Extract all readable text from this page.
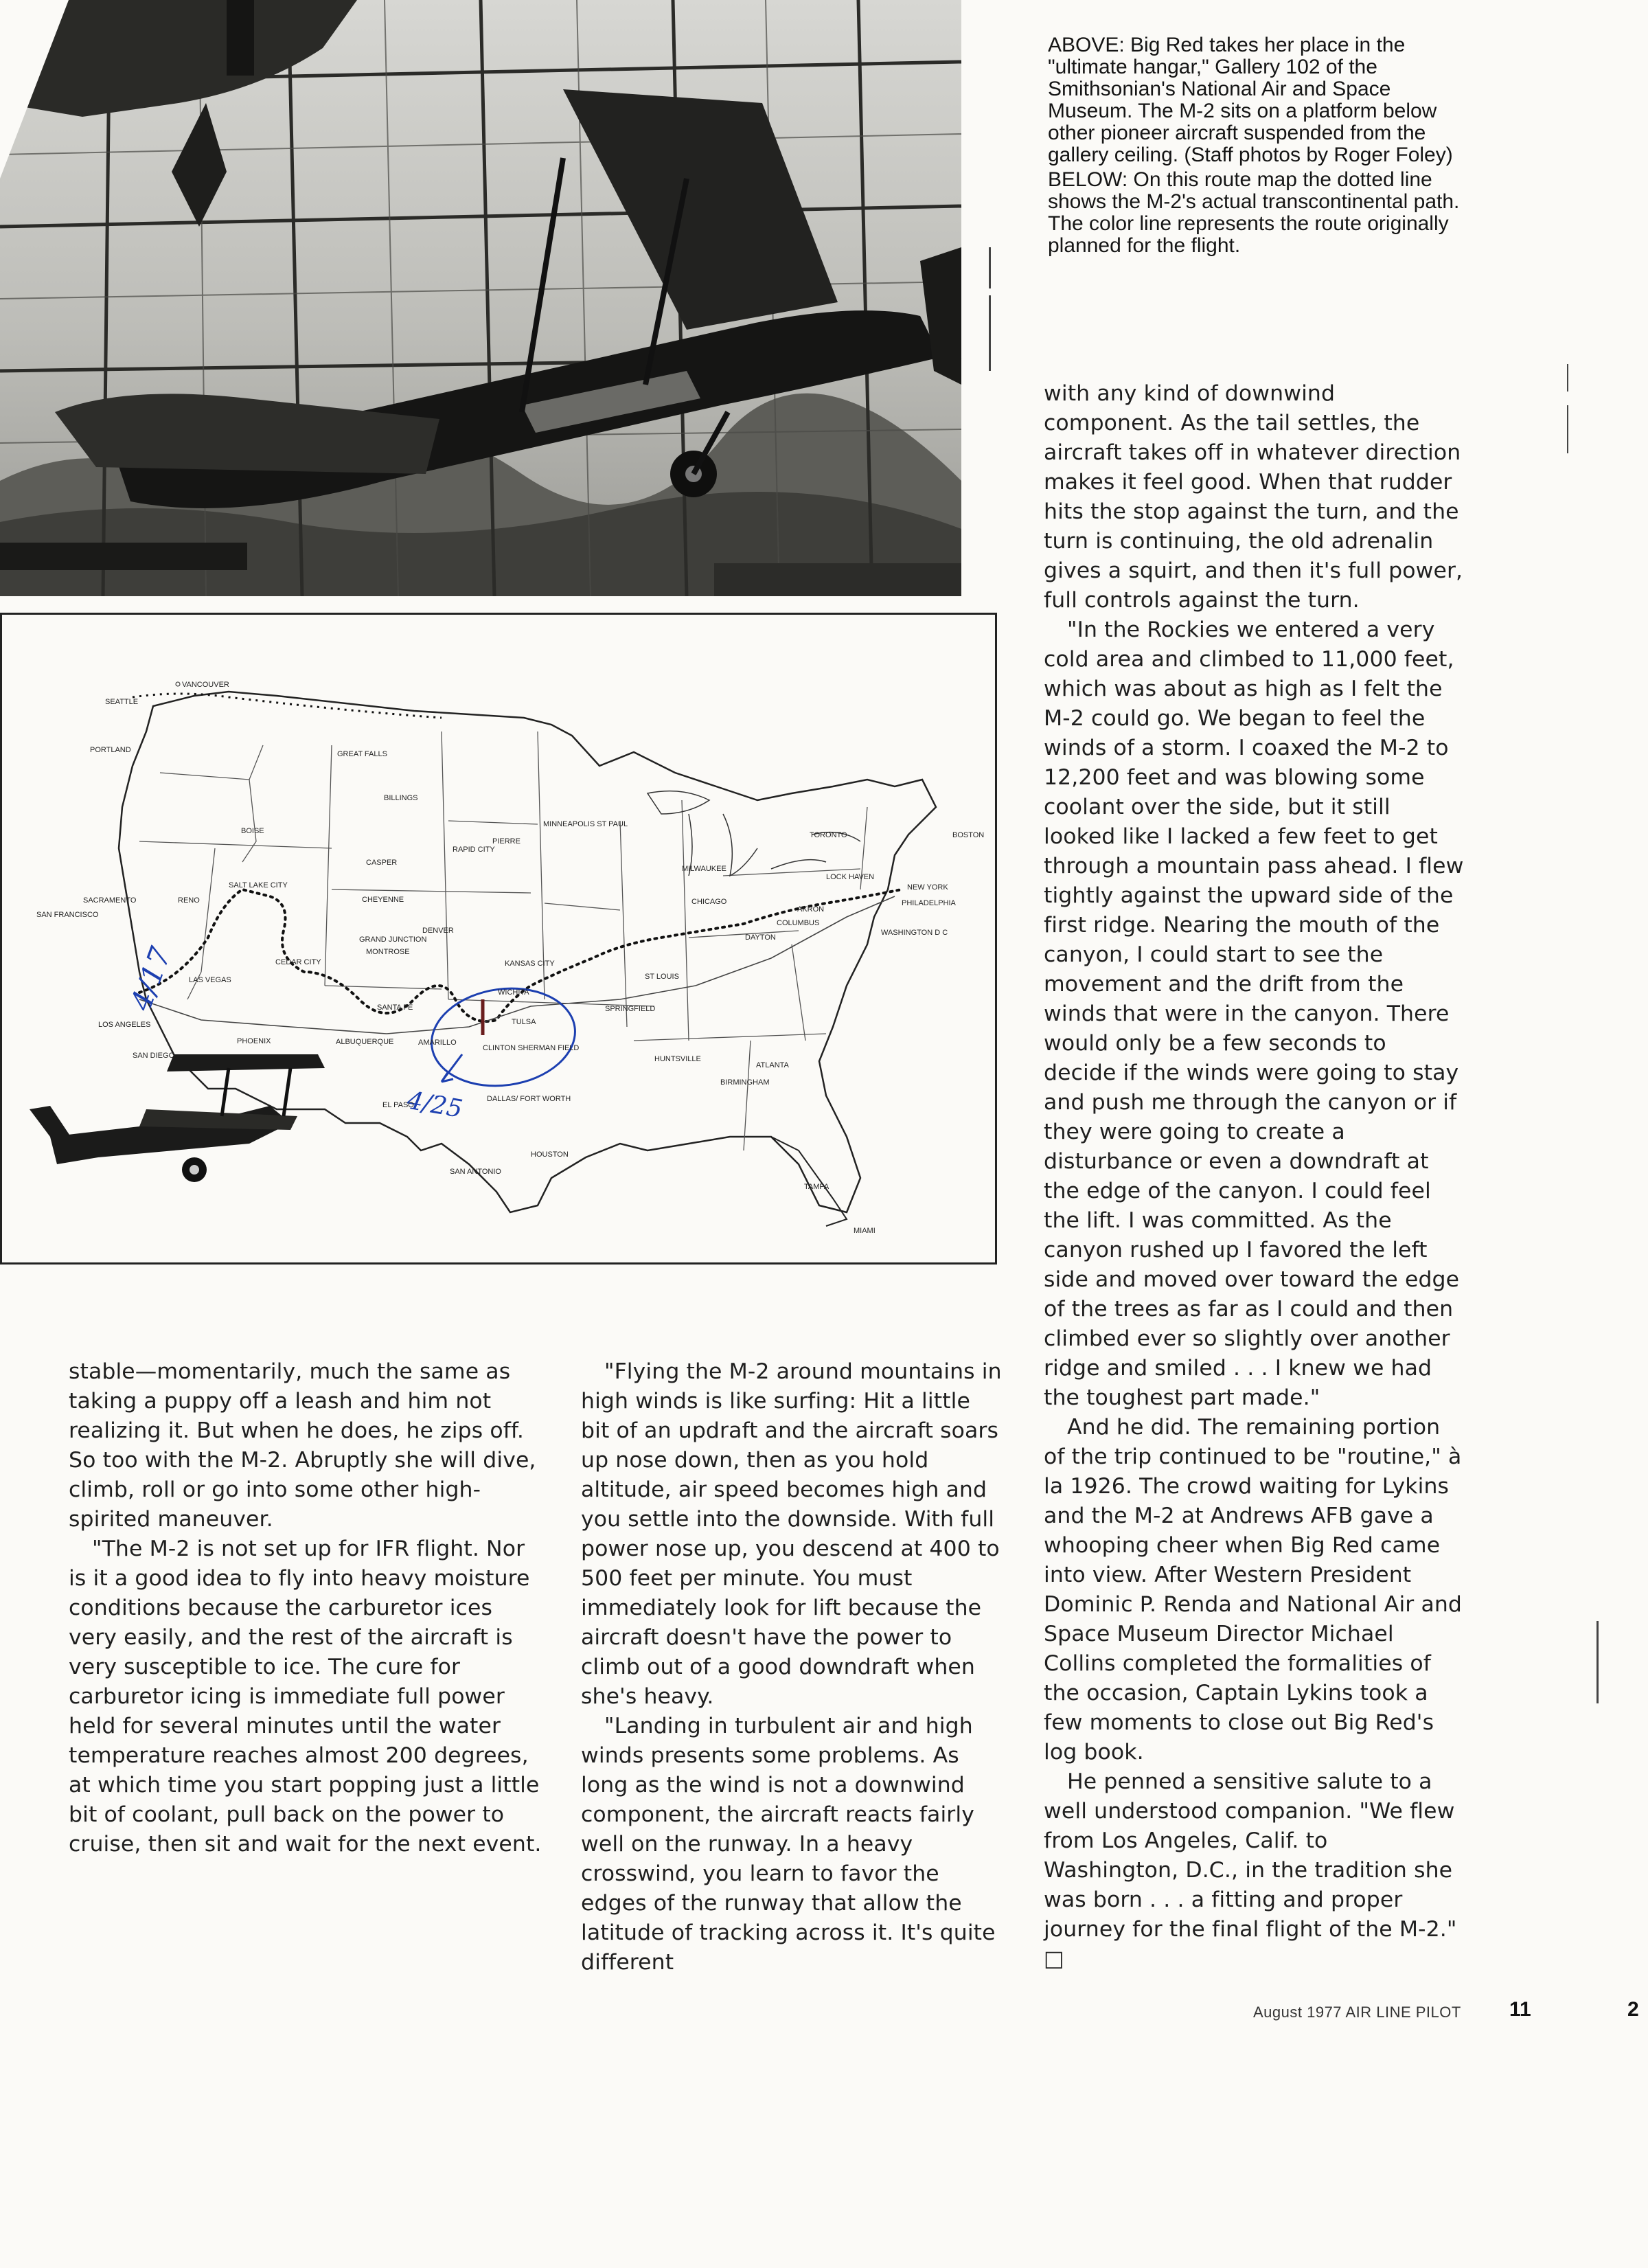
ABOVE: Big Red takes her place in the "ultimate hangar," Gallery 102 of the Smithsonian's National Air and Space Museum. The M-2 sits on a platform below other pioneer aircraft suspended from the gallery ceiling. (Staff photos by Roger Foley)

BELOW: On this route map the dotted line shows the M-2's actual transcontinental path. The color line represents the route originally planned for the flight.

4/17
4/25
VANCOUVER
SEATTLE
PORTLAND	GREAT FALLS
BILLINGS
BOISE
MINNEAPOLIS ST PAUL
PIERRE
RAPID CITY
CASPER
SALT LAKE CITY
SACRAMENTO	RENO
SAN FRANCISCO
CHEYENNE
DENVER
GRAND JUNCTION
MONTROSE
CEDAR CITY
LAS VEGAS
LOS ANGELES
SAN DIEGO
PHOENIX
SANTA FE
ALBUQUERQUE	AMARILLO
EL PASO
KANSAS CITY
WICHITA
TULSA
CLINTON SHERMAN FIELD
DALLAS/ FORT WORTH
HOUSTON
SAN ANTONIO
SPRINGFIELD
ST LOUIS
MILWAUKEE
CHICAGO
TORONTO	BOSTON
LOCK HAVEN
NEW YORK
PHILADELPHIA
AKRON
COLUMBUS
DAYTON
WASHINGTON D C
HUNTSVILLE
ATLANTA
BIRMINGHAM
TAMPA
MIAMI

stable—momentarily, much the same as taking a puppy off a leash and him not realizing it. But when he does, he zips off. So too with the M-2. Abruptly she will dive, climb, roll or go into some other high-spirited maneuver.

"The M-2 is not set up for IFR flight. Nor is it a good idea to fly into heavy moisture conditions because the carburetor ices very easily, and the rest of the aircraft is very susceptible to ice. The cure for carburetor icing is immediate full power held for several minutes until the water temperature reaches almost 200 degrees, at which time you start popping just a little bit of coolant, pull back on the power to cruise, then sit and wait for the next event.

"Flying the M-2 around mountains in high winds is like surfing: Hit a little bit of an updraft and the aircraft soars up nose down, then as you hold altitude, air speed becomes high and you settle into the downside. With full power nose up, you descend at 400 to 500 feet per minute. You must immediately look for lift because the aircraft doesn't have the power to climb out of a good downdraft when she's heavy.

"Landing in turbulent air and high winds presents some problems. As long as the wind is not a downwind component, the aircraft reacts fairly well on the runway. In a heavy crosswind, you learn to favor the edges of the runway that allow the latitude of tracking across it. It's quite different

with any kind of downwind component. As the tail settles, the aircraft takes off in whatever direction makes it feel good. When that rudder hits the stop against the turn, and the turn is continuing, the old adrenalin gives a squirt, and then it's full power, full controls against the turn.

"In the Rockies we entered a very cold area and climbed to 11,000 feet, which was about as high as I felt the M-2 could go. We began to feel the winds of a storm. I coaxed the M-2 to 12,200 feet and was blowing some coolant over the side, but it still looked like I lacked a few feet to get through a mountain pass ahead. I flew tightly against the upward side of the first ridge. Nearing the mouth of the canyon, I could start to see the movement and the drift from the winds that were in the canyon. There would only be a few seconds to decide if the winds were going to stay and push me through the canyon or if they were going to create a disturbance or even a downdraft at the edge of the canyon. I could feel the lift. I was committed. As the canyon rushed up I favored the left side and moved over toward the edge of the trees as far as I could and then climbed ever so slightly over another ridge and smiled . . . I knew we had the toughest part made."

And he did. The remaining portion of the trip continued to be "routine," à la 1926. The crowd waiting for Lykins and the M-2 at Andrews AFB gave a whooping cheer when Big Red came into view. After Western President Dominic P. Renda and National Air and Space Museum Director Michael Collins completed the formalities of the occasion, Captain Lykins took a few moments to close out Big Red's log book.

He penned a sensitive salute to a well understood companion. "We flew from Los Angeles, Calif. to Washington, D.C., in the tradition she was born . . . a fitting and proper journey for the final flight of the M-2." □

August 1977 AIR LINE PILOT 11	2
